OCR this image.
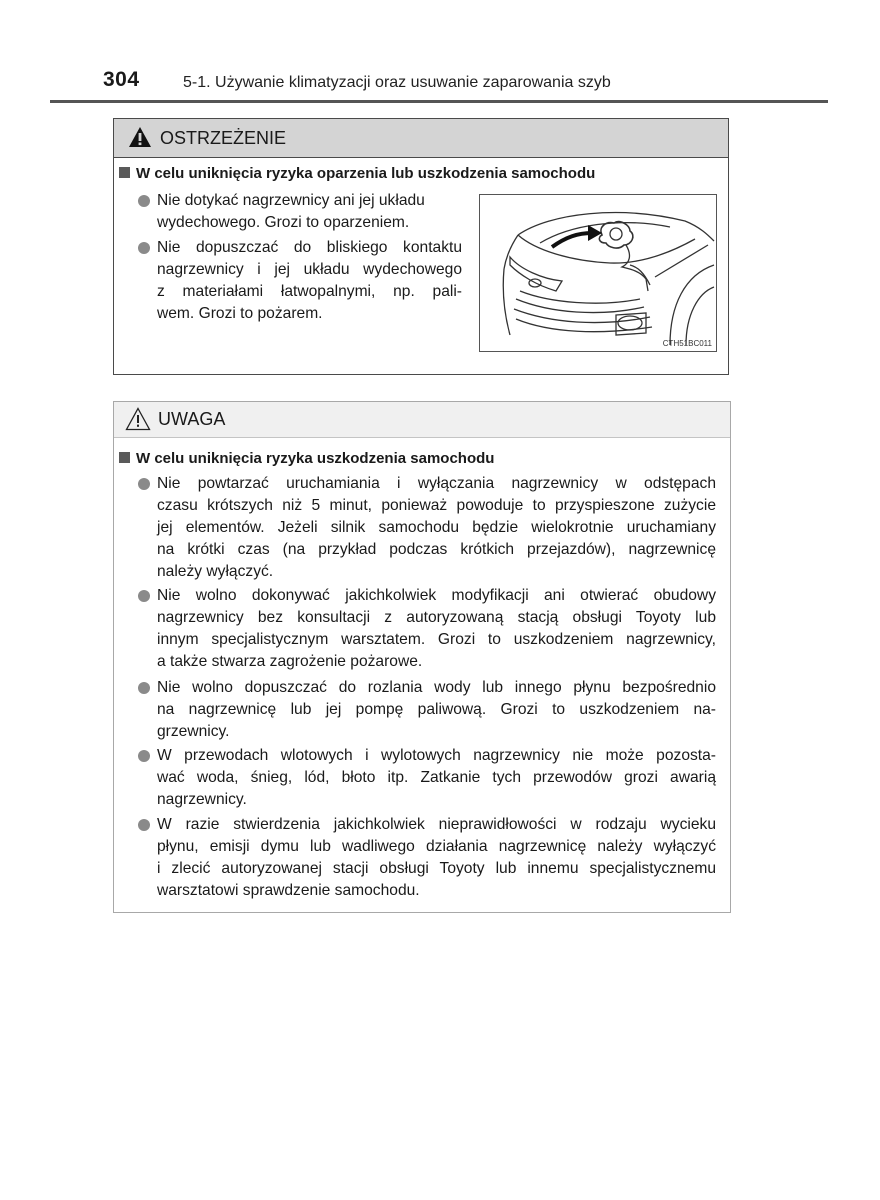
304	5-1. Używanie klimatyzacji oraz usuwanie zaparowania szyb
OSTRZEŻENIE
W celu uniknięcia ryzyka oparzenia lub uszkodzenia samochodu
Nie dotykać nagrzewnicy ani jej układu
wydechowego. Grozi to oparzeniem.
Nie dopuszczać do bliskiego kontaktu
nagrzewnicy i jej układu wydechowego
z materiałami łatwopalnymi, np. pali-
wem. Grozi to pożarem.
CTH51BC011
UWAGA
W celu uniknięcia ryzyka uszkodzenia samochodu
Nie powtarzać uruchamiania i wyłączania nagrzewnicy w odstępach
czasu krótszych niż 5 minut, ponieważ powoduje to przyspieszone zużycie
jej elementów. Jeżeli silnik samochodu będzie wielokrotnie uruchamiany
na krótki czas (na przykład podczas krótkich przejazdów), nagrzewnicę
należy wyłączyć.
Nie wolno dokonywać jakichkolwiek modyfikacji ani otwierać obudowy
nagrzewnicy bez konsultacji z autoryzowaną stacją obsługi Toyoty lub
innym specjalistycznym warsztatem. Grozi to uszkodzeniem nagrzewnicy,
a także stwarza zagrożenie pożarowe.
Nie wolno dopuszczać do rozlania wody lub innego płynu bezpośrednio
na nagrzewnicę lub jej pompę paliwową. Grozi to uszkodzeniem na-
grzewnicy.
W przewodach wlotowych i wylotowych nagrzewnicy nie może pozosta-
wać woda, śnieg, lód, błoto itp. Zatkanie tych przewodów grozi awarią
nagrzewnicy.
W razie stwierdzenia jakichkolwiek nieprawidłowości w rodzaju wycieku
płynu, emisji dymu lub wadliwego działania nagrzewnicę należy wyłączyć
i zlecić autoryzowanej stacji obsługi Toyoty lub innemu specjalistycznemu
warsztatowi sprawdzenie samochodu.
